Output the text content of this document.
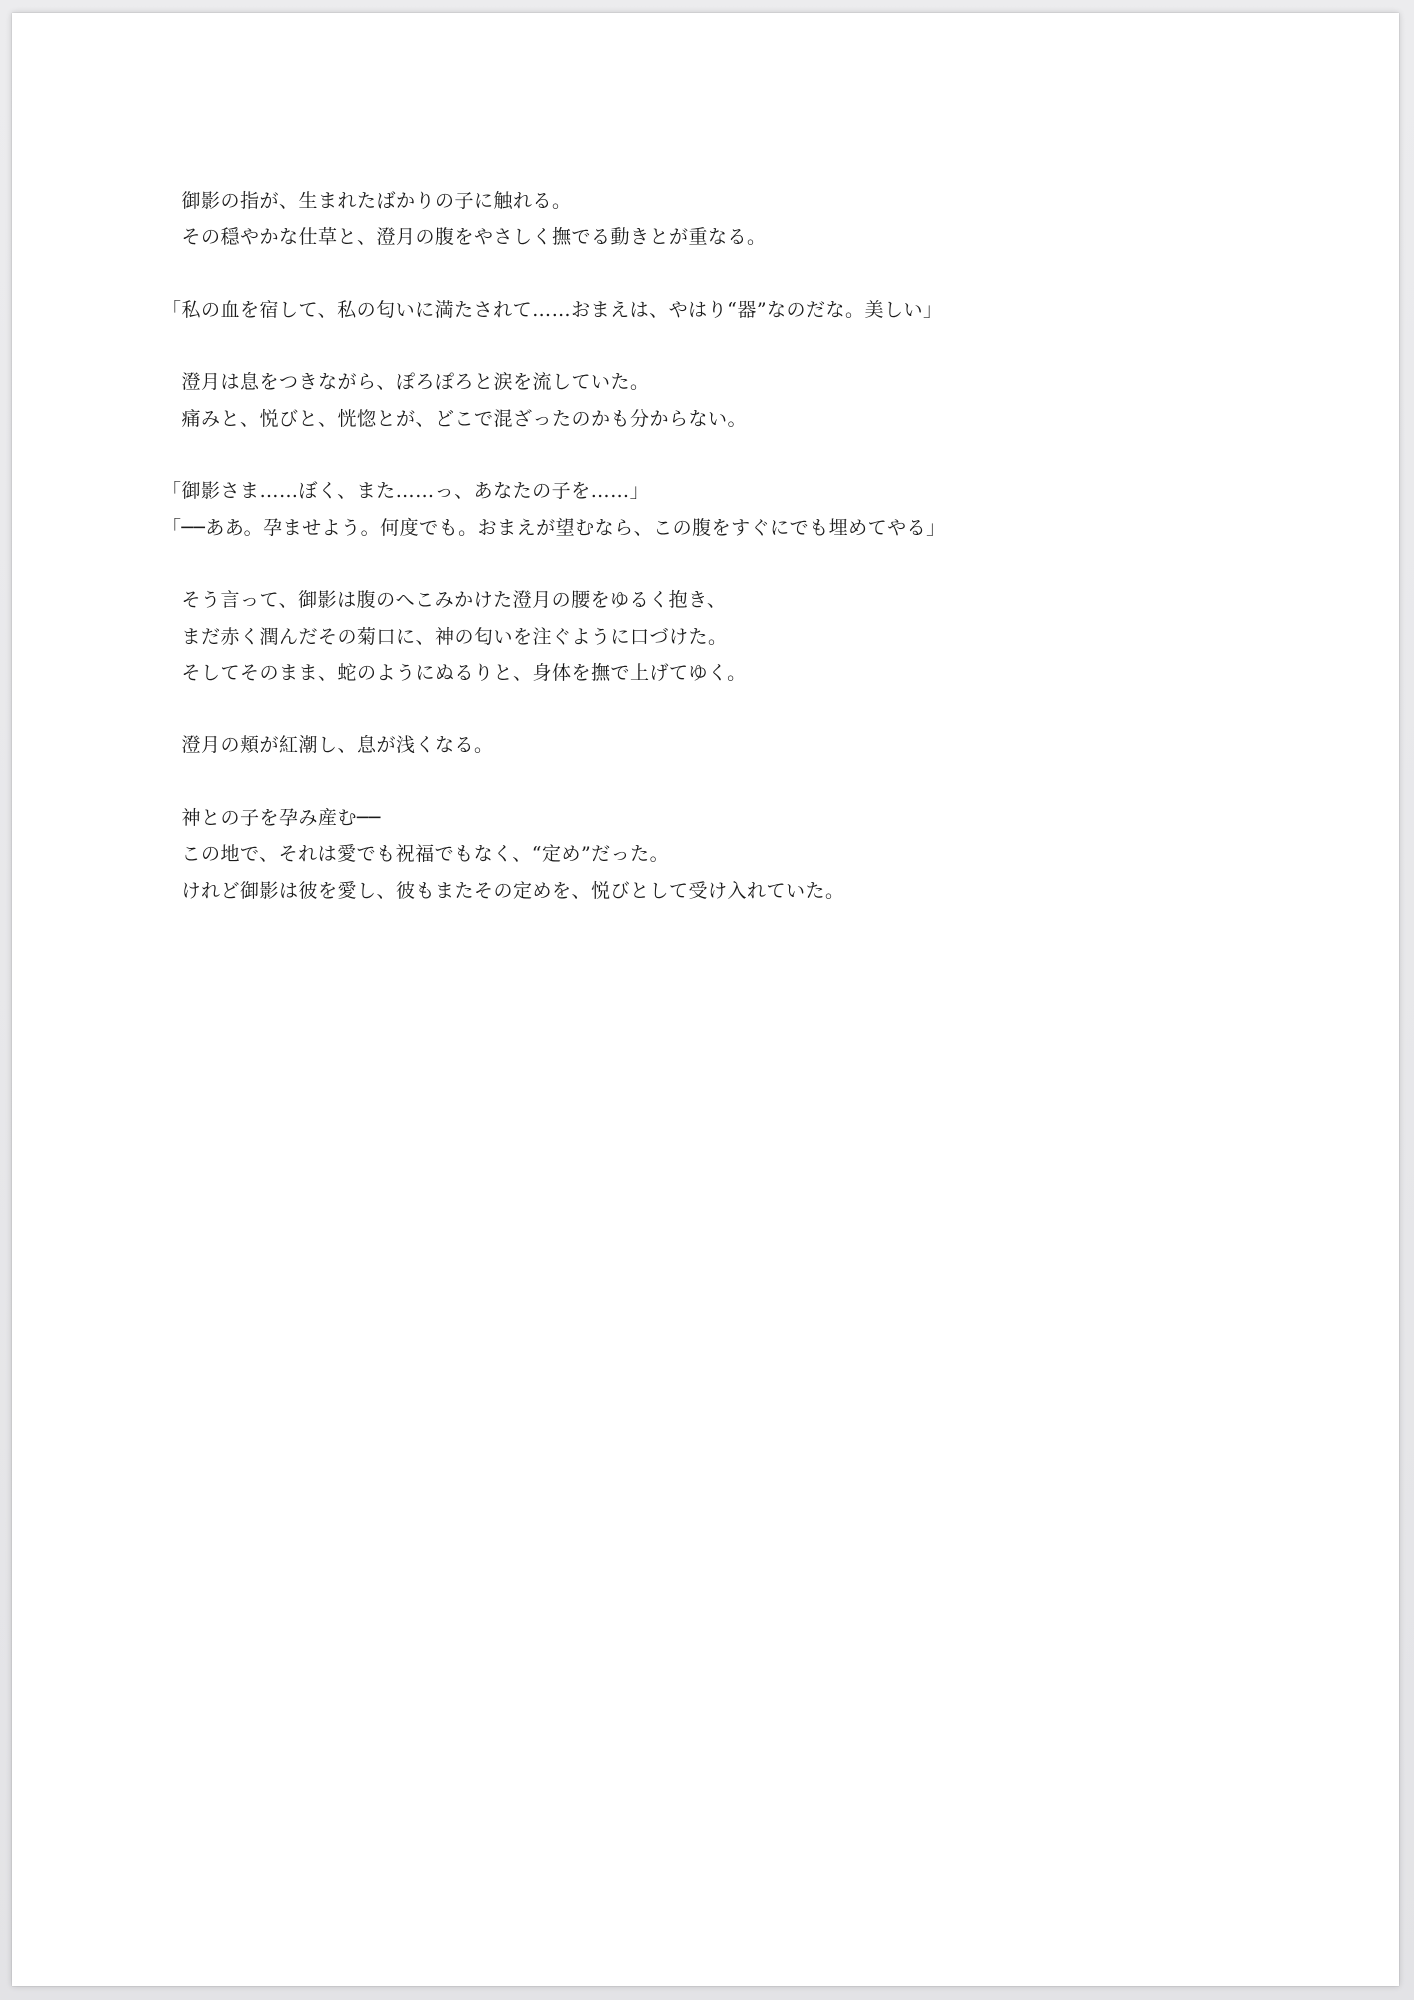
　御影の指が、生まれたばかりの子に触れる。
　その穏やかな仕草と、澄月の腹をやさしく撫でる動きとが重なる。
「私の血を宿して、私の匂いに満たされて……おまえは、やはり“器”なのだな。美しい」
　澄月は息をつきながら、ぽろぽろと涙を流していた。
　痛みと、悦びと、恍惚とが、どこで混ざったのかも分からない。
「御影さま……ぼく、また……っ、あなたの子を……」
「──ああ。孕ませよう。何度でも。おまえが望むなら、この腹をすぐにでも埋めてやる」
　そう言って、御影は腹のへこみかけた澄月の腰をゆるく抱き、
　まだ赤く潤んだその菊口に、神の匂いを注ぐように口づけた。
　そしてそのまま、蛇のようにぬるりと、身体を撫で上げてゆく。
　澄月の頬が紅潮し、息が浅くなる。
　神との子を孕み産む──
　この地で、それは愛でも祝福でもなく、“定め”だった。
　けれど御影は彼を愛し、彼もまたその定めを、悦びとして受け入れていた。
